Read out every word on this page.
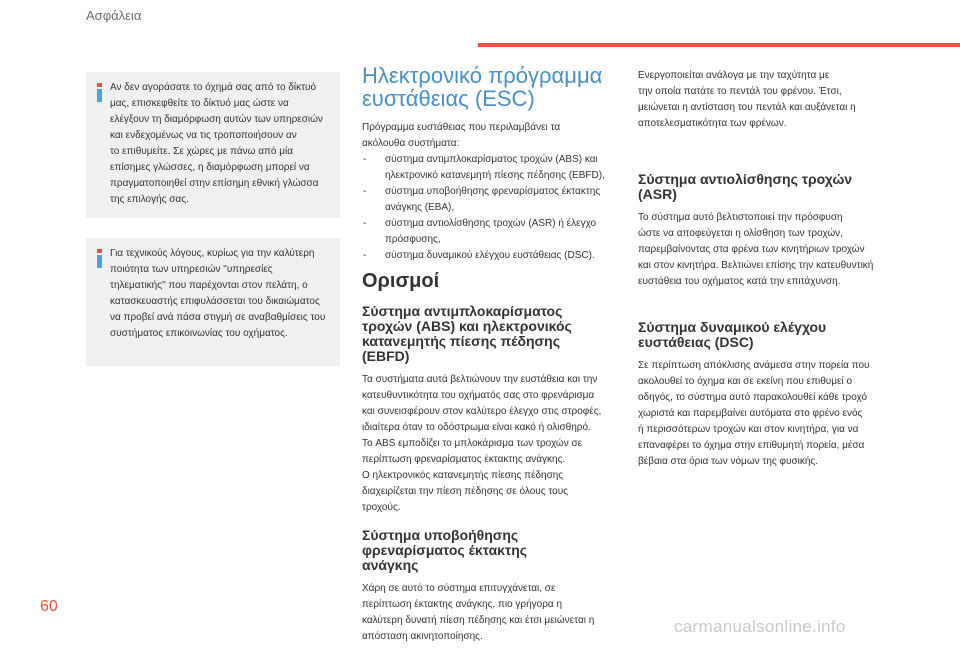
Ασφάλεια
Αν δεν αγοράσατε το όχημά σας από το δίκτυό
μας, επισκεφθείτε το δίκτυό μας ώστε να
ελέγξουν τη διαμόρφωση αυτών των υπηρεσιών
και ενδεχομένως να τις τροποποιήσουν αν
το επιθυμείτε. Σε χώρες με πάνω από μία
επίσημες γλώσσες, η διαμόρφωση μπορεί να
πραγματοποιηθεί στην επίσημη εθνική γλώσσα
της επιλογής σας.
Για τεχνικούς λόγους, κυρίως για την καλύτερη
ποιότητα των υπηρεσιών "υπηρεσίες
τηλεματικής" που παρέχονται στον πελάτη, ο
κατασκευαστής επιφυλάσσεται του δικαιώματος
να προβεί ανά πάσα στιγμή σε αναβαθμίσεις του
συστήματος επικοινωνίας του οχήματος.
Ηλεκτρονικό πρόγραμμα
ευστάθειας (ESC)

Πρόγραμμα ευστάθειας που περιλαμβάνει τα
ακόλουθα συστήματα:

- σύστημα αντιμπλοκαρίσματος τροχών (ABS) και
ηλεκτρονικό κατανεμητή πίεσης πέδησης (EBFD),
- σύστημα υποβοήθησης φρεναρίσματος έκτακτης
ανάγκης (EBA),
- σύστημα αντιολίσθησης τροχών (ASR) ή έλεγχο
πρόσφυσης,
- σύστημα δυναμικού ελέγχου ευστάθειας (DSC).
Ορισμοί
Σύστημα αντιμπλοκαρίσματος
τροχών (ABS) και ηλεκτρονικός
κατανεμητής πίεσης πέδησης
(EBFD)

Τα συστήματα αυτά βελτιώνουν την ευστάθεια και την
κατευθυντικότητα του οχήματός σας στο φρενάρισμα
και συνεισφέρουν στον καλύτερο έλεγχο στις στροφές,
ιδιαίτερα όταν το οδόστρωμα είναι κακό ή ολισθηρό.
Το ABS εμποδίζει το μπλοκάρισμα των τροχών σε
περίπτωση φρεναρίσματος έκτακτης ανάγκης.
Ο ηλεκτρονικός κατανεμητής πίεσης πέδησης
διαχειρίζεται την πίεση πέδησης σε όλους τους
τροχούς.

Σύστημα υποβοήθησης
φρεναρίσματος έκτακτης
ανάγκης

Χάρη σε αυτό το σύστημα επιτυγχάνεται, σε
περίπτωση έκτακτης ανάγκης, πιο γρήγορα η
καλύτερη δυνατή πίεση πέδησης και έτσι μειώνεται η
απόσταση ακινητοποίησης.

Ενεργοποιείται ανάλογα με την ταχύτητα με
την οποία πατάτε το πεντάλ του φρένου. Έτσι,
μειώνεται η αντίσταση του πεντάλ και αυξάνεται η
αποτελεσματικότητα των φρένων.

Σύστημα αντιολίσθησης τροχών
(ASR)

Το σύστημα αυτό βελτιστοποιεί την πρόσφυση
ώστε να αποφεύγεται η ολίσθηση των τροχών,
παρεμβαίνοντας στα φρένα των κινητήριων τροχών
και στον κινητήρα. Βελτιώνει επίσης την κατευθυντική
ευστάθεια του οχήματος κατά την επιτάχυνση.

Σύστημα δυναμικού ελέγχου
ευστάθειας (DSC)

Σε περίπτωση απόκλισης ανάμεσα στην πορεία που
ακολουθεί το όχημα και σε εκείνη που επιθυμεί ο
οδηγός, το σύστημα αυτό παρακολουθεί κάθε τροχό
χωριστά και παρεμβαίνει αυτόματα στο φρένο ενός
ή περισσότερων τροχών και στον κινητήρα, για να
επαναφέρει το όχημα στην επιθυμητή πορεία, μέσα
βέβαια στα όρια των νόμων της φυσικής.

60
carmanualsonline.info
